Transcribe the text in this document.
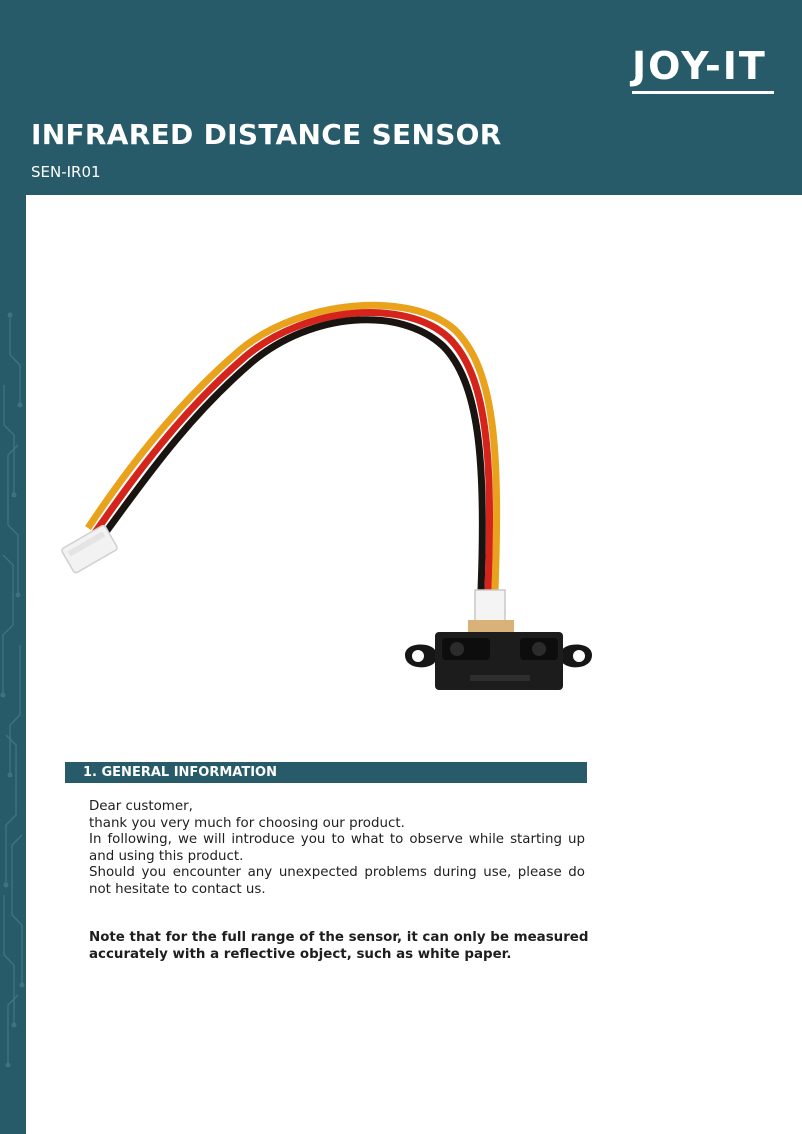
JOY-IT
INFRARED DISTANCE SENSOR
SEN-IR01
1. GENERAL INFORMATION

Dear customer,

thank you very much for choosing our product.

In following, we will introduce you to what to observe while starting up and using this product.

Should you encounter any unexpected problems during use, please do not hesitate to contact us.

Note that for the full range of the sensor, it can only be measured accurately with a reflective object, such as white paper.
